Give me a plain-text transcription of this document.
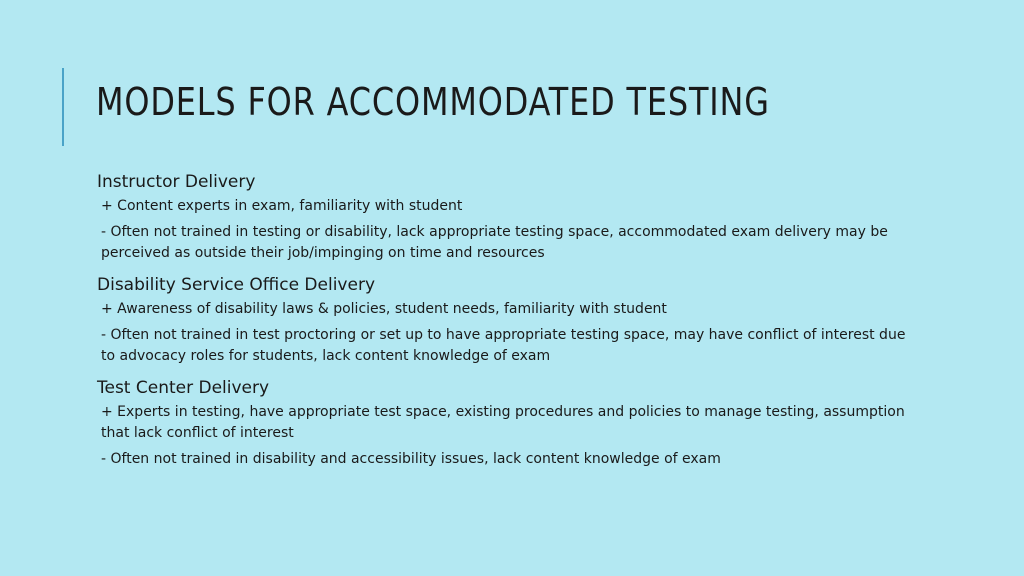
MODELS FOR ACCOMMODATED TESTING
Instructor Delivery
+ Content experts in exam, familiarity with student
- Often not trained in testing or disability, lack appropriate testing space, accommodated exam delivery may be perceived as outside their job/impinging on time and resources
Disability Service Office Delivery
+ Awareness of disability laws & policies, student needs, familiarity with student
- Often not trained in test proctoring or set up to have appropriate testing space, may have conflict of interest due to advocacy roles for students, lack content knowledge of exam
Test Center Delivery
+ Experts in testing, have appropriate test space, existing procedures and policies to manage testing, assumption that lack conflict of interest
- Often not trained in disability and accessibility issues, lack content knowledge of exam
